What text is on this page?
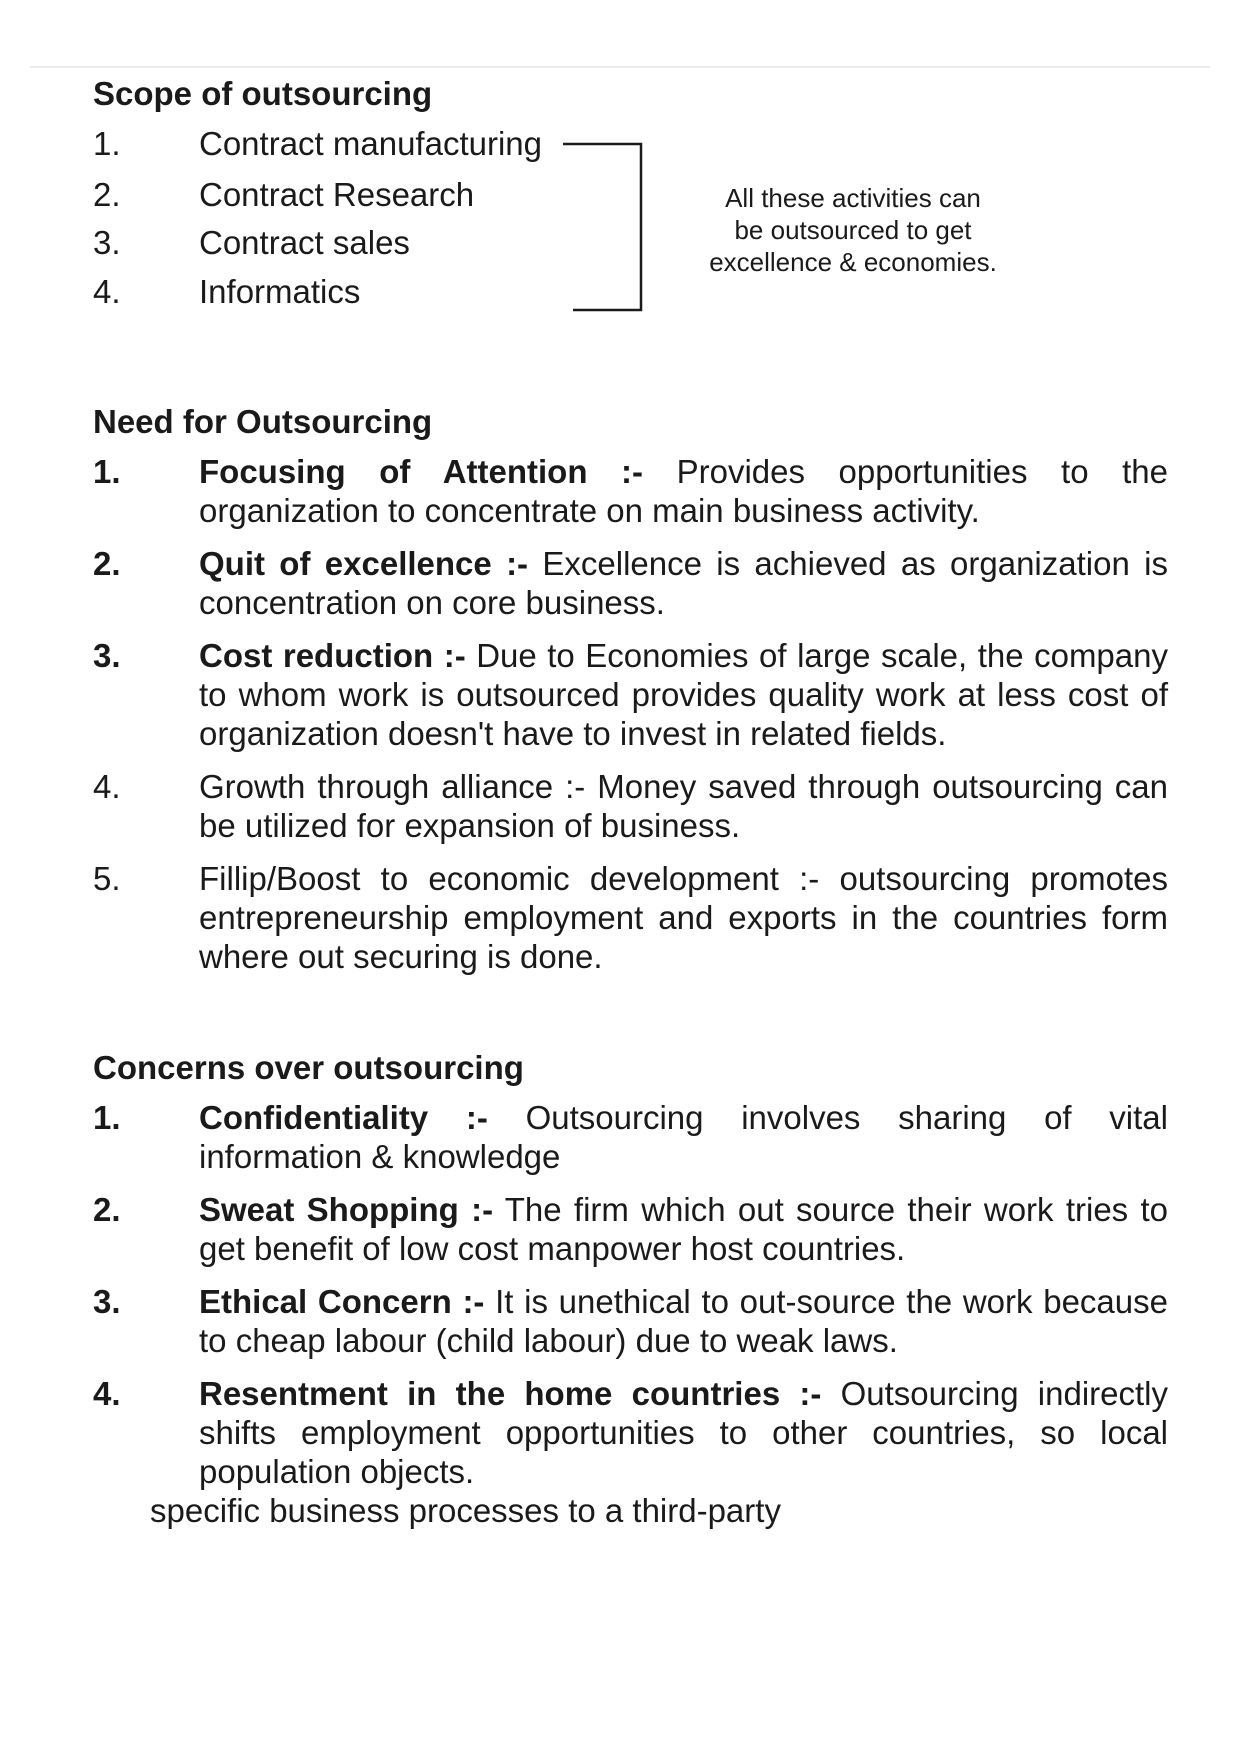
Scope of outsourcing
1.	Contract manufacturing
2.	Contract Research
3.	Contract sales
4.	Informatics
All these activities can
be outsourced to get
excellence & economies.
Need for Outsourcing
1. Focusing of Attention :- Provides opportunities to the organization to concentrate on main business activity.
2. Quit of excellence :- Excellence is achieved as organization is concentration on core business.
3. Cost reduction :- Due to Economies of large scale, the company to whom work is outsourced provides quality work at less cost of organization doesn't have to invest in related fields.
4. Growth through alliance :- Money saved through outsourcing can be utilized for expansion of business.
5. Fillip/Boost to economic development :- outsourcing promotes entrepreneurship employment and exports in the countries form where out securing is done.
Concerns over outsourcing
1. Confidentiality :- Outsourcing involves sharing of vital information & knowledge
2. Sweat Shopping :- The firm which out source their work tries to get benefit of low cost manpower host countries.
3. Ethical Concern :- It is unethical to out-source the work because to cheap labour (child labour) due to weak laws.
4. Resentment in the home countries :- Outsourcing indirectly shifts employment opportunities to other countries, so local population objects.
specific business processes to a third-party
